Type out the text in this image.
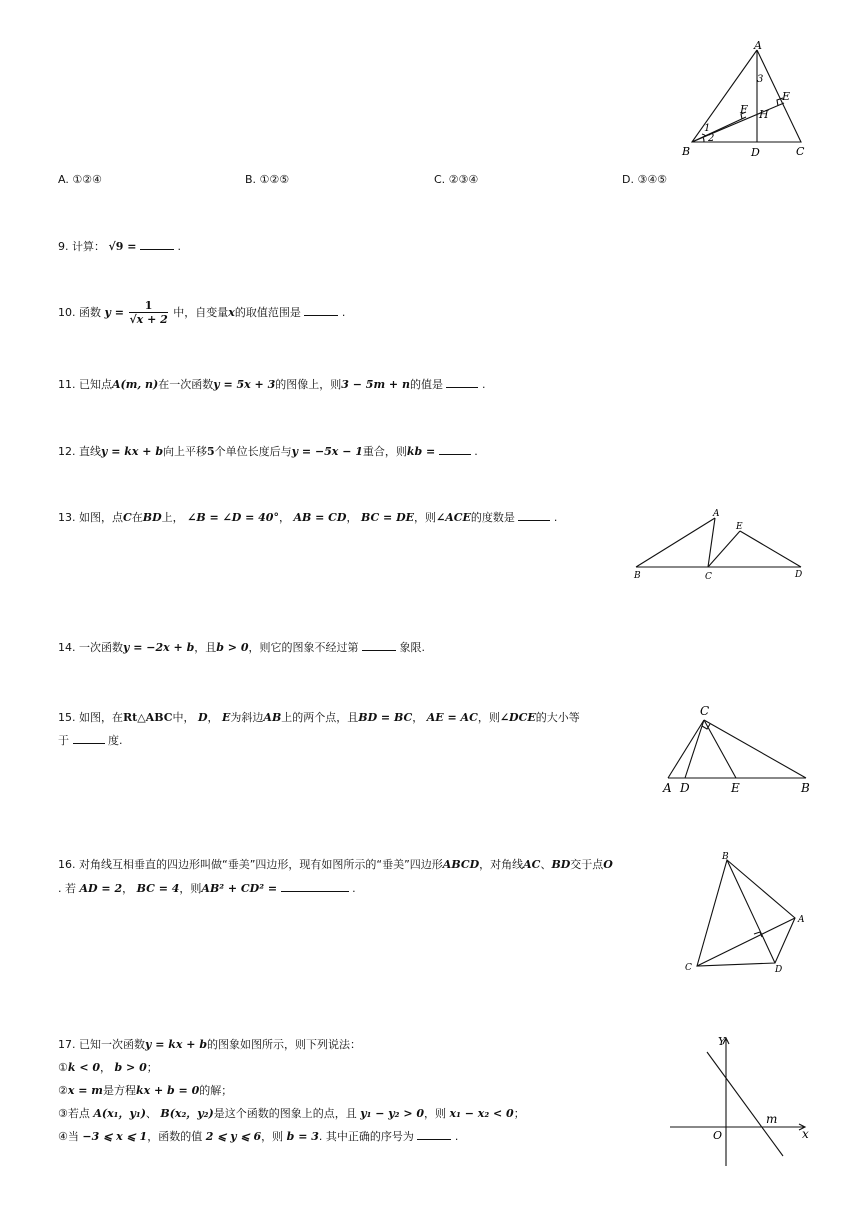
A
B	C
D
E
F H
1
2
3
A. ①②④	B. ①②⑤	C. ②③④	D. ③④⑤
9. 计算： √9 =	.
10. 函数 $y = \frac{1}{√x + 2}$ 中，自变量x的取值范围是	.
11. 已知点A(m, n)在一次函数y = 5x + 3的图像上，则3 − 5m + n的值是	.
12. 直线y = kx + b向上平移5个单位长度后与y = −5x − 1重合，则kb =	.
13. 如图，点C在BD上， ∠B = ∠D = 40°， AB = CD， BC = DE，则∠ACE的度数是	.	A
B	C	D
E
14. 一次函数y = −2x + b，且b > 0，则它的图象不经过第	象限.
15. 如图，在Rt△ABC中， D， E为斜边AB上的两个点，且BD = BC， AE = AC，则∠DCE的大小等
于	度.
A	B
C
D	E
16. 对角线互相垂直的四边形叫做“垂美”四边形，现有如图所示的“垂美”四边形ABCD，对角线AC、BD交于点O
. 若 AD = 2， BC = 4，则AB² + CD² =	.
A
B
C	D
17. 已知一次函数y = kx + b的图象如图所示，则下列说法：
①k < 0， b > 0；
②x = m是方程kx + b = 0的解；
③若点 A(x₁，y₁)、 B(x₂，y₂)是这个函数的图象上的点，且 y₁ − y₂ > 0，则 x₁ − x₂ < 0；
④当 −3 ⩽ x ⩽ 1，函数的值 2 ⩽ y ⩽ 6，则 b = 3. 其中正确的序号为	.
Y
x
O
m
